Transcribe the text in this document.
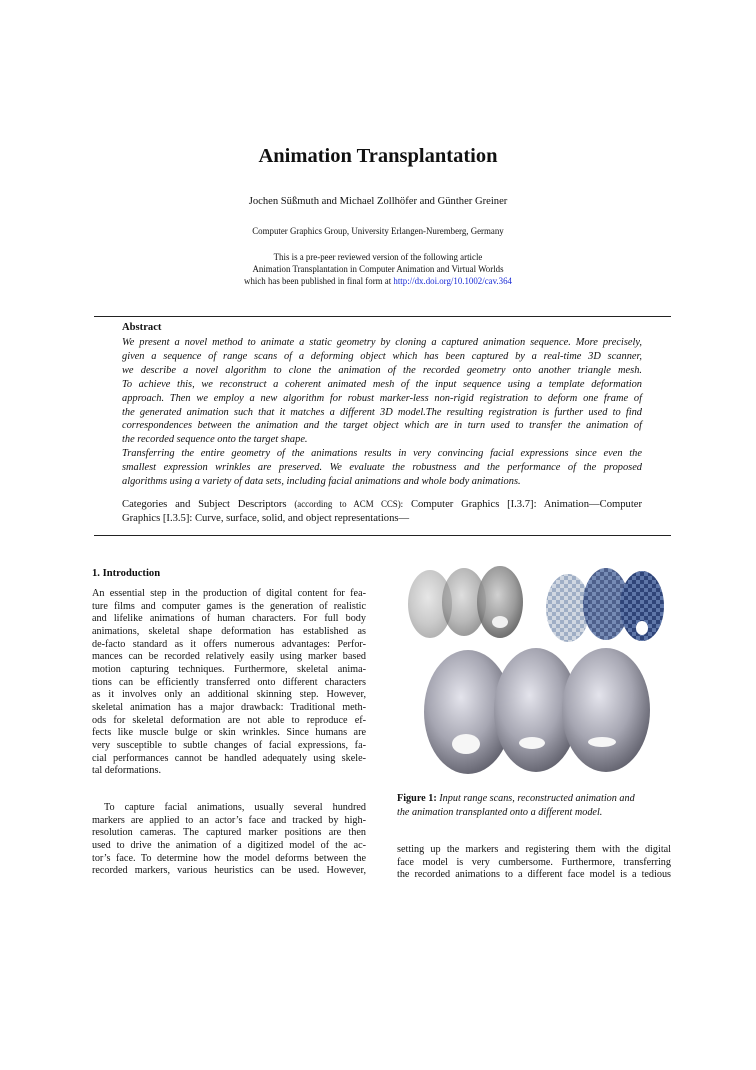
Animation Transplantation
Jochen Süßmuth and Michael Zollhöfer and Günther Greiner
Computer Graphics Group, University Erlangen-Nuremberg, Germany
This is a pre-peer reviewed version of the following article
Animation Transplantation in Computer Animation and Virtual Worlds
which has been published in final form at http://dx.doi.org/10.1002/cav.364
Abstract
We present a novel method to animate a static geometry by cloning a captured animation sequence. More precisely,
given a sequence of range scans of a deforming object which has been captured by a real-time 3D scanner,
we describe a novel algorithm to clone the animation of the recorded geometry onto another triangle mesh.
To achieve this, we reconstruct a coherent animated mesh of the input sequence using a template deformation
approach. Then we employ a new algorithm for robust marker-less non-rigid registration to deform one frame of
the generated animation such that it matches a different 3D model.The resulting registration is further used to find
correspondences between the animation and the target object which are in turn used to transfer the animation of
the recorded sequence onto the target shape.
Transferring the entire geometry of the animations results in very convincing facial expressions since even the
smallest expression wrinkles are preserved. We evaluate the robustness and the performance of the proposed
algorithms using a variety of data sets, including facial animations and whole body animations.
Categories and Subject Descriptors (according to ACM CCS): Computer Graphics [I.3.7]: Animation—Computer
Graphics [I.3.5]: Curve, surface, solid, and object representations—
1. Introduction
An essential step in the production of digital content for fea-
ture films and computer games is the generation of realistic
and lifelike animations of human characters. For full body
animations, skeletal shape deformation has established as
de-facto standard as it offers numerous advantages: Perfor-
mances can be recorded relatively easily using marker based
motion capturing techniques. Furthermore, skeletal anima-
tions can be efficiently transferred onto different characters
as it involves only an additional skinning step. However,
skeletal animation has a major drawback: Traditional meth-
ods for skeletal deformation are not able to reproduce ef-
fects like muscle bulge or skin wrinkles. Since humans are
very susceptible to subtle changes of facial expressions, fa-
cial performances cannot be handled adequately using skele-
tal deformations.
To capture facial animations, usually several hundred
markers are applied to an actor’s face and tracked by high-
resolution cameras. The captured marker positions are then
used to drive the animation of a digitized model of the ac-
tor’s face. To determine how the model deforms between the
recorded markers, various heuristics can be used. However,
Figure 1: Input range scans, reconstructed animation and
the animation transplanted onto a different model.
setting up the markers and registering them with the digital
face model is very cumbersome. Furthermore, transferring
the recorded animations to a different face model is a tedious
